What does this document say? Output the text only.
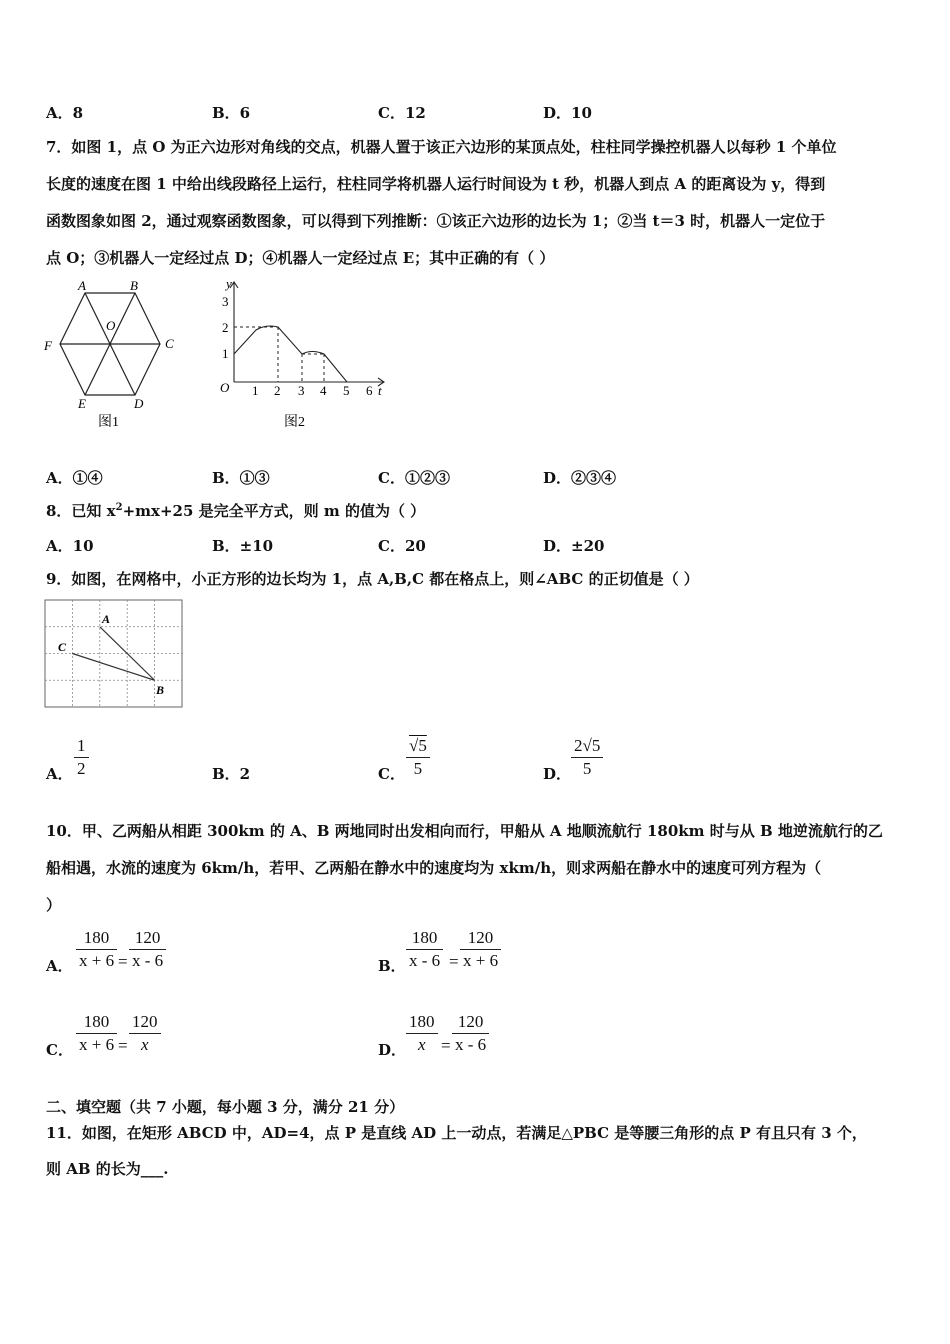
A．8	B．6	C．12	D．10
7．如图 1，点 O 为正六边形对角线的交点，机器人置于该正六边形的某顶点处，柱柱同学操控机器人以每秒 1 个单位
长度的速度在图 1 中给出线段路径上运行，柱柱同学将机器人运行时间设为 t 秒，机器人到点 A 的距离设为 y，得到
函数图象如图 2，通过观察函数图象，可以得到下列推断：①该正六边形的边长为 1；②当 t＝3 时，机器人一定位于
点 O；③机器人一定经过点 D；④机器人一定经过点 E；其中正确的有（ ）
A	B
C
D
E
F
O
图1
y
3
2
1
O 1 2 3 4 5 6 t
图2
A．①④	B．①③	C．①②③	D．②③④
8．已知 $x^2+mx+25$ 是完全平方式，则 m 的值为（ ）
A．10	B．±10	C．20	D．±20
9．如图，在网格中，小正方形的边长均为 1，点 A,B,C 都在格点上，则∠ABC 的正切值是（ ）
A
B
C
A．
1
2	B．2	C．
√5
5	D．
2√5
5
10．甲、乙两船从相距 300km 的 A、B 两地同时出发相向而行，甲船从 A 地顺流航行 180km 时与从 B 地逆流航行的乙
船相遇，水流的速度为 6km/h，若甲、乙两船在静水中的速度均为 xkm/h，则求两船在静水中的速度可列方程为（
）
A．
180
x + 6 =
120
x - 6	B．
180
x - 6 =
120
x + 6
C．
180
x + 6 =
120
x	D．
180
x =
120
x - 6
二、填空题（共 7 小题，每小题 3 分，满分 21 分）
11．如图，在矩形 ABCD 中，AD=4，点 P 是直线 AD 上一动点，若满足△PBC 是等腰三角形的点 P 有且只有 3 个，
则 AB 的长为___.
